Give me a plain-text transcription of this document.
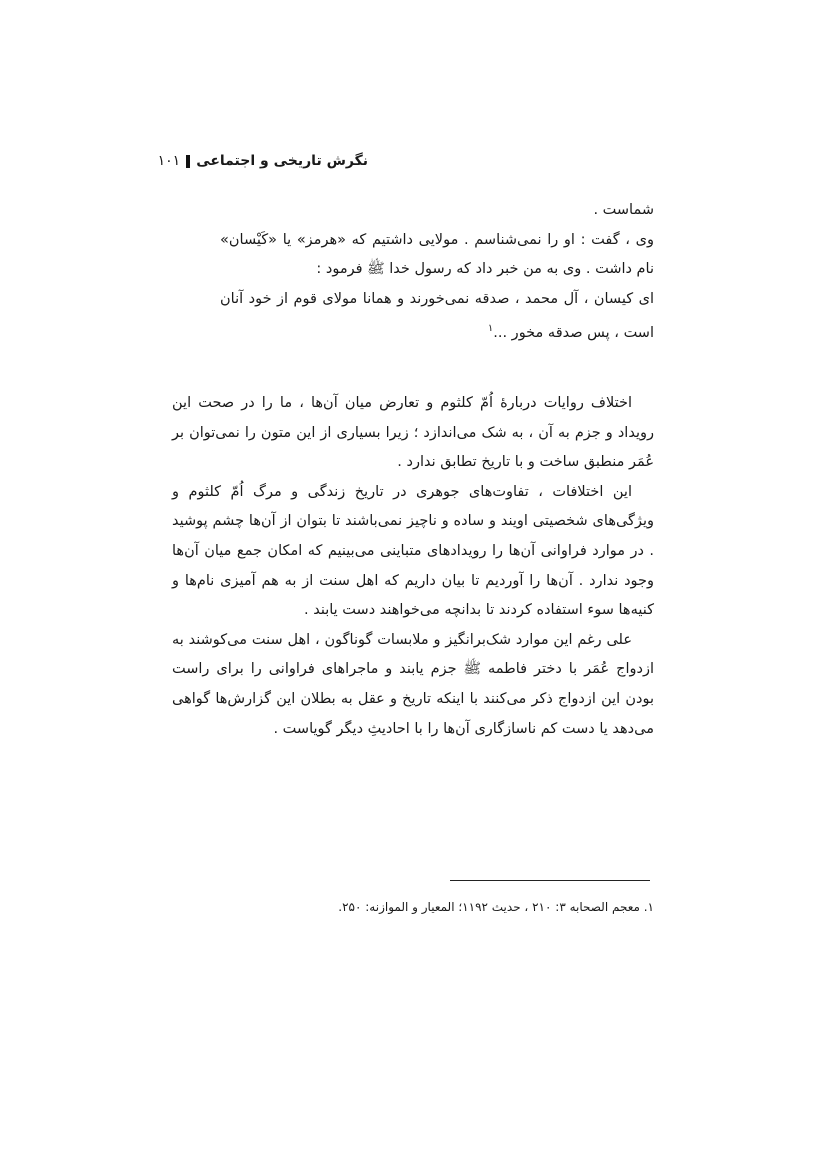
نگرش تاریخی و اجتماعی
۱۰۱

شماست .

وی ، گفت : او را نمی‌شناسم . مولایی داشتیم که «هرمز» یا «کَیْسان» نام داشت . وی به من خبر داد که رسول خدا ﷺ فرمود :

ای کیسان ، آل محمد ، صدقه نمی‌خورند و همانا مولای قوم از خود آنان است ، پس صدقه مخور ...$^۱$

اختلاف روایات دربارۀ اُمّ کلثوم و تعارض میان آن‌ها ، ما را در صحت این رویداد و جزم به آن ، به شک می‌اندازد ؛ زیرا بسیاری از این متون را نمی‌توان بر عُمَر منطبق ساخت و با تاریخ تطابق ندارد .

این اختلافات ، تفاوت‌های جوهری در تاریخ زندگی و مرگ اُمّ کلثوم و ویژگی‌های شخصیتی اویند و ساده و ناچیز نمی‌باشند تا بتوان از آن‌ها چشم پوشید . در موارد فراوانی آن‌ها را رویدادهای متباینی می‌بینیم که امکان جمع میان آن‌ها وجود ندارد . آن‌ها را آوردیم تا بیان داریم که اهل سنت از به هم آمیزی نام‌ها و کنیه‌ها سوء استفاده کردند تا بدانچه می‌خواهند دست یابند .

علی رغم این موارد شک‌برانگیز و ملابسات گوناگون ، اهل سنت می‌کوشند به ازدواج عُمَر با دختر فاطمه ﷺ جزم یابند و ماجراهای فراوانی را برای راست بودن این ازدواج ذکر می‌کنند با اینکه تاریخ و عقل به بطلان این گزارش‌ها گواهی می‌دهد یا دست کم ناسازگاری آن‌ها را با احادیثِ دیگر گویاست .

۱. معجم الصحابه ۳: ۲۱۰ ، حدیث ۱۱۹۲؛ المعیار و الموازنه: ۲۵۰.
